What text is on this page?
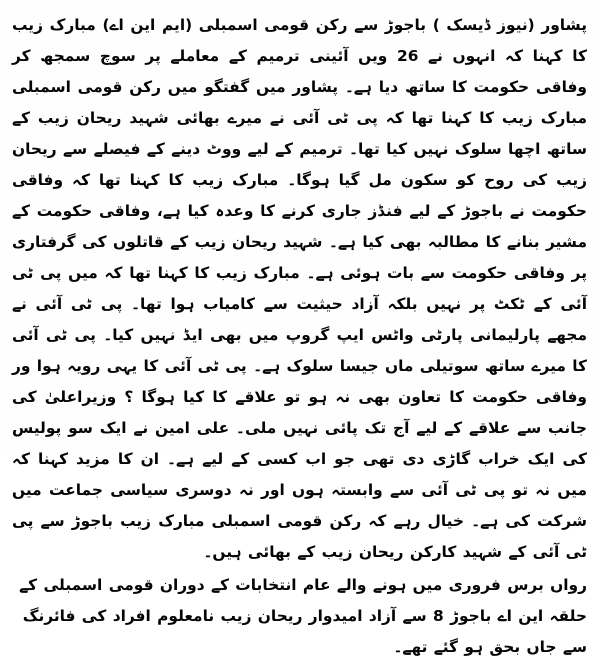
پشاور (نیوز ڈیسک ) باجوڑ سے رکن قومی اسمبلی (ایم این اے) مبارک زیب کا کہنا کہ انہوں نے 26 ویں آئینی ترمیم کے معاملے پر سوچ سمجھ کر وفاقی حکومت کا ساتھ دیا ہے۔ پشاور میں گفتگو میں رکن قومی اسمبلی مبارک زیب کا کہنا تھا کہ پی ٹی آئی نے میرے بھائی شہید ریحان زیب کے ساتھ اچھا سلوک نہیں کیا تھا۔ ترمیم کے لیے ووٹ دینے کے فیصلے سے ریحان زیب کی روح کو سکون مل گیا ہوگا۔ مبارک زیب کا کہنا تھا کہ وفاقی حکومت نے باجوڑ کے لیے فنڈز جاری کرنے کا وعدہ کیا ہے، وفاقی حکومت کے مشیر بنانے کا مطالبہ بھی کیا ہے۔ شہید ریحان زیب کے قاتلوں کی گرفتاری پر وفاقی حکومت سے بات ہوئی ہے۔ مبارک زیب کا کہنا تھا کہ میں پی ٹی آئی کے ٹکٹ پر نہیں بلکہ آزاد حیثیت سے کامیاب ہوا تھا۔ پی ٹی آئی نے مجھے پارلیمانی پارٹی واٹس ایپ گروپ میں بھی ایڈ نہیں کیا۔ پی ٹی آئی کا میرے ساتھ سوتیلی ماں جیسا سلوک ہے۔ پی ٹی آئی کا یہی رویہ ہوا ور وفاقی حکومت کا تعاون بھی نہ ہو تو علاقے کا کیا ہوگا ؟ وزیراعلیٰ کی جانب سے علاقے کے لیے آج تک پائی نہیں ملی۔ علی امین نے ایک سو پولیس کی ایک خراب گاڑی دی تھی جو اب کسی کے لیے ہے۔ ان کا مزید کہنا کہ میں نہ تو پی ٹی آئی سے وابستہ ہوں اور نہ دوسری سیاسی جماعت میں شرکت کی ہے۔ خیال رہے کہ رکن قومی اسمبلی مبارک زیب باجوڑ سے پی ٹی آئی کے شہید کارکن ریحان زیب کے بھائی ہیں۔

رواں برس فروری میں ہونے والے عام انتخابات کے دوران قومی اسمبلی کے حلقہ این اے باجوڑ 8 سے آزاد امیدوار ریحان زیب نامعلوم افراد کی فائرنگ سے جاں بحق ہو گئے تھے۔
